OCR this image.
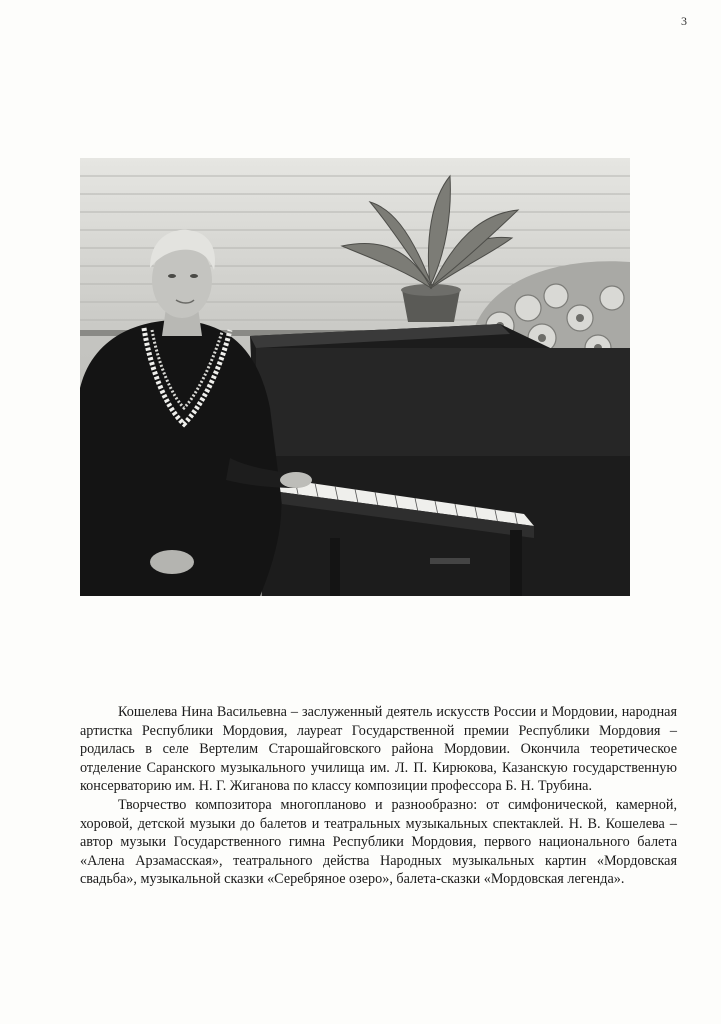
3

Кошелева Нина Васильевна – заслуженный деятель искусств России и Мордовии, народная артистка Республики Мордовия, лауреат Государственной премии Республики Мордовия – родилась в селе Вертелим Старошайговского района Мордовии. Окончила теоретическое отделение Саранского музыкального училища им. Л. П. Кирюкова, Казанскую государственную консерваторию им. Н. Г. Жиганова по классу композиции профессора Б. Н. Трубина.

Творчество композитора многопланово и разнообразно: от симфонической, камерной, хоровой, детской музыки до балетов и театральных музыкальных спектаклей. Н. В. Кошелева – автор музыки Государственного гимна Республики Мордовия, первого национального балета «Алена Арзамасская», театрального действа Народных музыкальных картин «Мордовская свадьба», музыкальной сказки «Серебряное озеро», балета-сказки «Мордовская легенда».
